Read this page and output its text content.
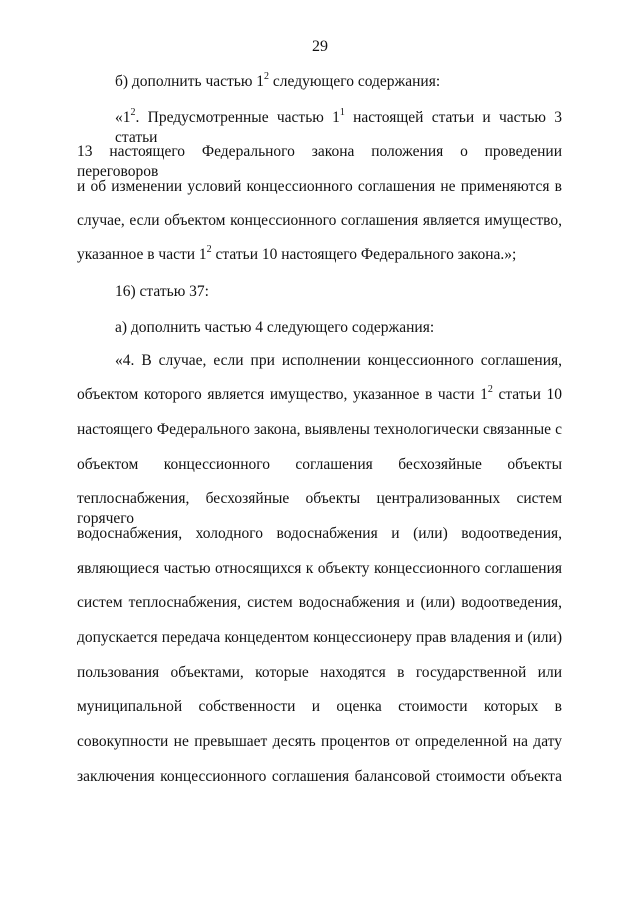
29
б) дополнить частью $1^2$ следующего содержания:
«$1^2$. Предусмотренные частью $1^1$ настоящей статьи и частью 3 статьи
13 настоящего Федерального закона положения о проведении переговоров
и об изменении условий концессионного соглашения не применяются в
случае, если объектом концессионного соглашения является имущество,
указанное в части $1^2$ статьи 10 настоящего Федерального закона.»;
16) статью 37:
а) дополнить частью 4 следующего содержания:
«4. В случае, если при исполнении концессионного соглашения,
объектом которого является имущество, указанное в части $1^2$ статьи 10
настоящего Федерального закона, выявлены технологически связанные с
объектом концессионного соглашения бесхозяйные объекты
теплоснабжения, бесхозяйные объекты централизованных систем горячего
водоснабжения, холодного водоснабжения и (или) водоотведения,
являющиеся частью относящихся к объекту концессионного соглашения
систем теплоснабжения, систем водоснабжения и (или) водоотведения,
допускается передача концедентом концессионеру прав владения и (или)
пользования объектами, которые находятся в государственной или
муниципальной собственности и оценка стоимости которых в
совокупности не превышает десять процентов от определенной на дату
заключения концессионного соглашения балансовой стоимости объекта
